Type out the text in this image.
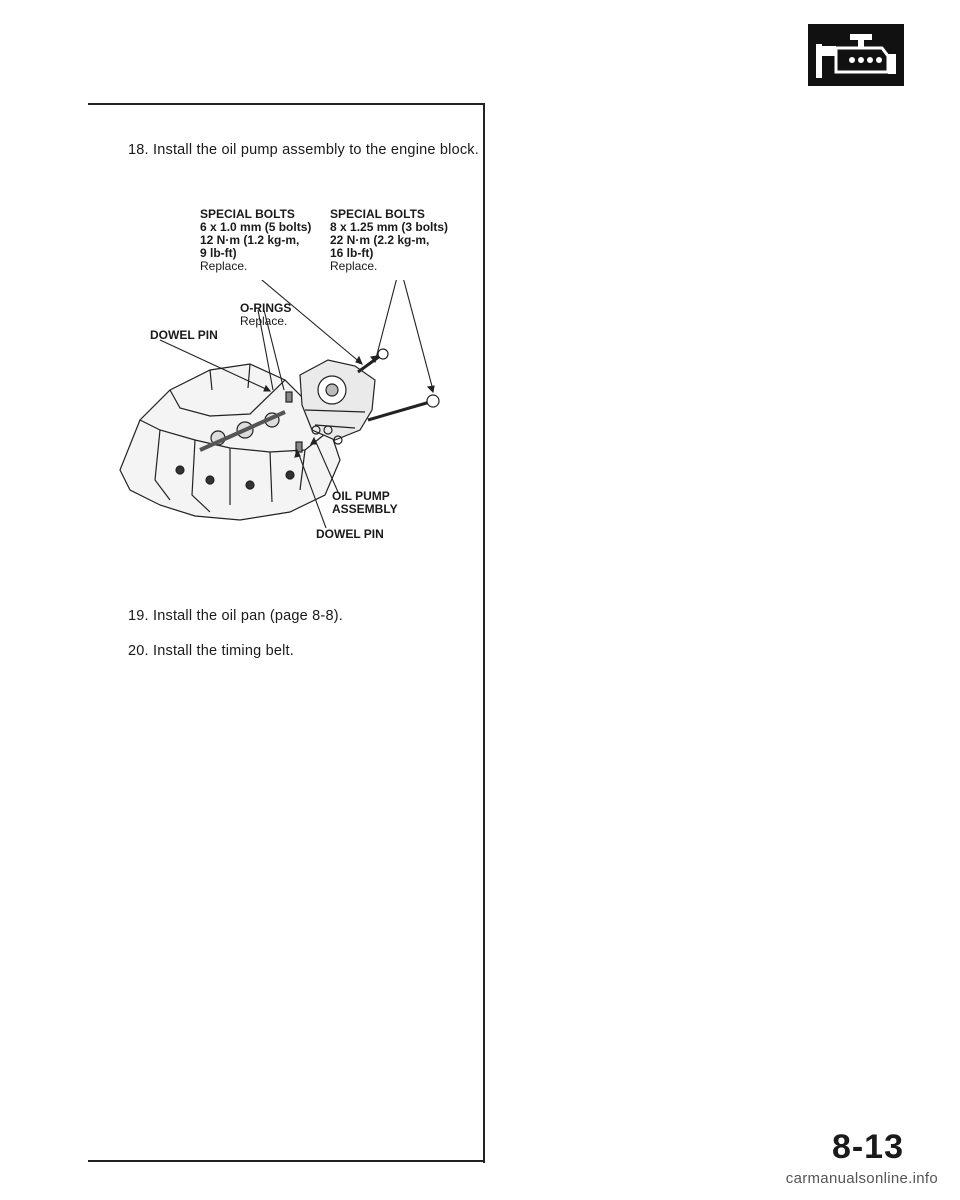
18. Install the oil pump assembly to the engine block.
SPECIAL BOLTS
6 x 1.0 mm (5 bolts)
12 N·m (1.2 kg-m,
9 lb-ft)
Replace.
SPECIAL BOLTS
8 x 1.25 mm (3 bolts)
22 N·m (2.2 kg-m,
16 lb-ft)
Replace.
O-RINGS
Replace.
DOWEL PIN
OIL PUMP
ASSEMBLY
DOWEL PIN
19. Install the oil pan (page 8-8).
20. Install the timing belt.
8-13
carmanualsonline.info
